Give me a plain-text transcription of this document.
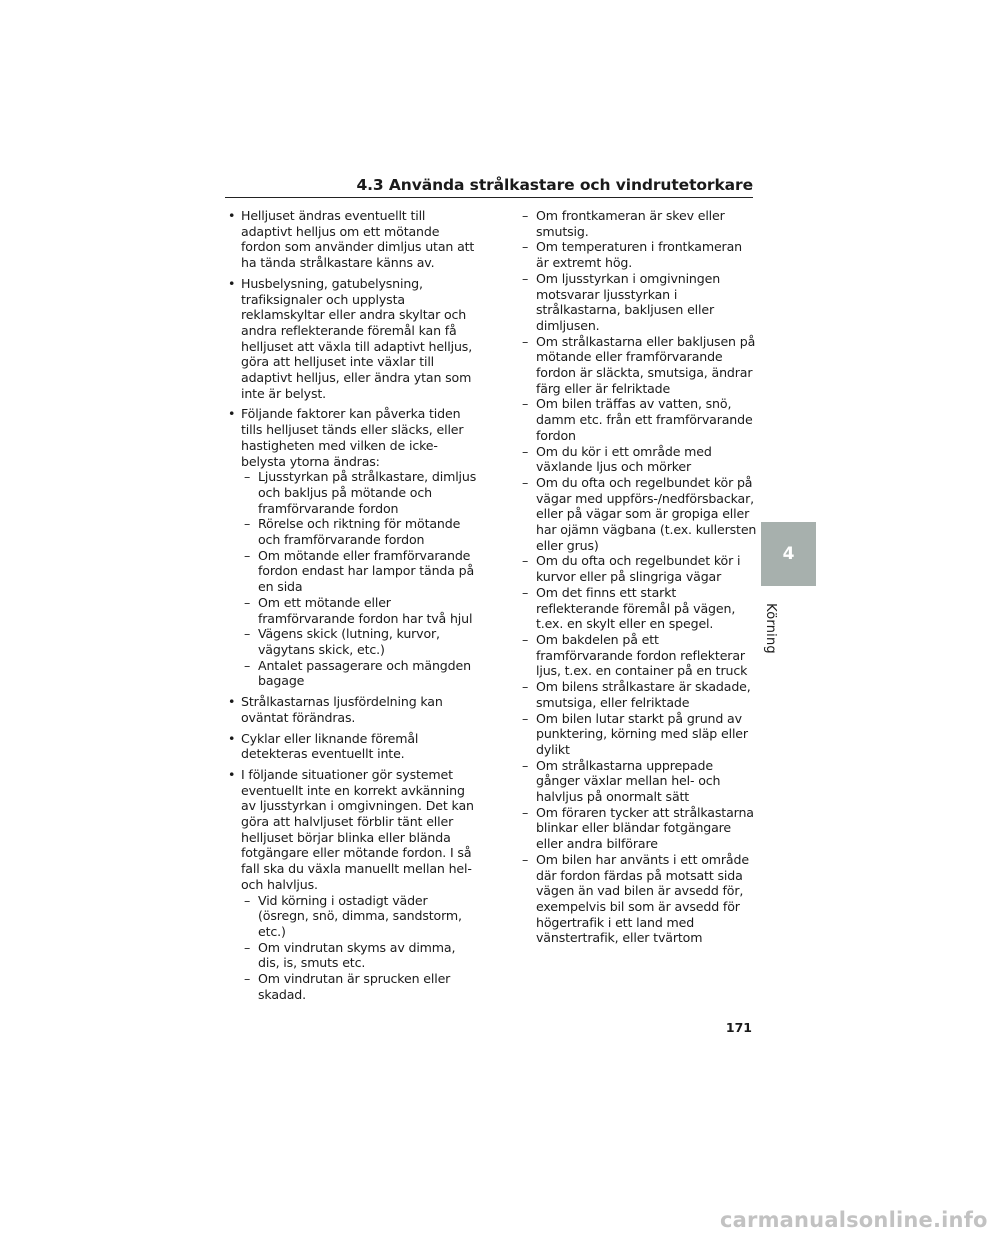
4.3 Använda strålkastare och vindrutetorkare

• Helljuset ändras eventuellt till adaptivt helljus om ett mötande fordon som använder dimljus utan att ha tända strålkastare känns av.

• Husbelysning, gatubelysning, trafiksignaler och upplysta reklamskyltar eller andra skyltar och andra reflekterande föremål kan få helljuset att växla till adaptivt helljus, göra att helljuset inte växlar till adaptivt helljus, eller ändra ytan som inte är belyst.

• Följande faktorer kan påverka tiden tills helljuset tänds eller släcks, eller hastigheten med vilken de icke-belysta ytorna ändras:

– Ljusstyrkan på strålkastare, dimljus och bakljus på mötande och framförvarande fordon
– Rörelse och riktning för mötande och framförvarande fordon
– Om mötande eller framförvarande fordon endast har lampor tända på en sida
– Om ett mötande eller framförvarande fordon har två hjul
– Vägens skick (lutning, kurvor, vägytans skick, etc.)
– Antalet passagerare och mängden bagage

• Strålkastarnas ljusfördelning kan oväntat förändras.

• Cyklar eller liknande föremål detekteras eventuellt inte.

• I följande situationer gör systemet eventuellt inte en korrekt avkänning av ljusstyrkan i omgivningen. Det kan göra att halvljuset förblir tänt eller helljuset börjar blinka eller blända fotgängare eller mötande fordon. I så fall ska du växla manuellt mellan hel- och halvljus.

– Vid körning i ostadigt väder (ösregn, snö, dimma, sandstorm, etc.)
– Om vindrutan skyms av dimma, dis, is, smuts etc.
– Om vindrutan är sprucken eller skadad.
– Om frontkameran är skev eller smutsig.
– Om temperaturen i frontkameran är extremt hög.
– Om ljusstyrkan i omgivningen motsvarar ljusstyrkan i strålkastarna, bakljusen eller dimljusen.
– Om strålkastarna eller bakljusen på mötande eller framförvarande fordon är släckta, smutsiga, ändrar färg eller är felriktade
– Om bilen träffas av vatten, snö, damm etc. från ett framförvarande fordon
– Om du kör i ett område med växlande ljus och mörker
– Om du ofta och regelbundet kör på vägar med uppförs-/nedförsbackar, eller på vägar som är gropiga eller har ojämn vägbana (t.ex. kullersten eller grus)
– Om du ofta och regelbundet kör i kurvor eller på slingriga vägar
– Om det finns ett starkt reflekterande föremål på vägen, t.ex. en skylt eller en spegel.
– Om bakdelen på ett framförvarande fordon reflekterar ljus, t.ex. en container på en truck
– Om bilens strålkastare är skadade, smutsiga, eller felriktade
– Om bilen lutar starkt på grund av punktering, körning med släp eller dylikt
– Om strålkastarna upprepade gånger växlar mellan hel- och halvljus på onormalt sätt
– Om föraren tycker att strålkastarna blinkar eller bländar fotgängare eller andra bilförare
– Om bilen har använts i ett område där fordon färdas på motsatt sida vägen än vad bilen är avsedd för, exempelvis bil som är avsedd för högertrafik i ett land med vänstertrafik, eller tvärtom
4
Körning
171
carmanualsonline.info
